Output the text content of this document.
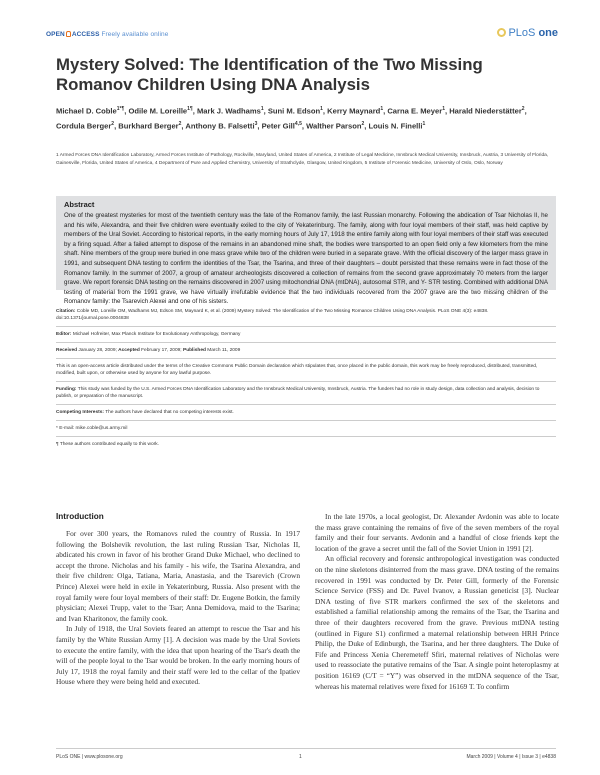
OPEN ACCESS Freely available online	PLoS one
Mystery Solved: The Identification of the Two Missing Romanov Children Using DNA Analysis
Michael D. Coble$^{1*\P}$, Odile M. Loreille$^{1\P}$, Mark J. Wadhams$^1$, Suni M. Edson$^1$, Kerry Maynard$^1$, Carna E. Meyer$^1$, Harald Niederstätter$^2$, Cordula Berger$^2$, Burkhard Berger$^2$, Anthony B. Falsetti$^3$, Peter Gill$^{4,5}$, Walther Parson$^2$, Louis N. Finelli$^1$
1 Armed Forces DNA Identification Laboratory, Armed Forces Institute of Pathology, Rockville, Maryland, United States of America, 2 Institute of Legal Medicine, Innsbruck Medical University, Innsbruck, Austria, 3 University of Florida, Gainesville, Florida, United States of America, 4 Department of Pure and Applied Chemistry, University of Strathclyde, Glasgow, United Kingdom, 5 Institute of Forensic Medicine, University of Oslo, Oslo, Norway
Abstract

One of the greatest mysteries for most of the twentieth century was the fate of the Romanov family, the last Russian monarchy. Following the abdication of Tsar Nicholas II, he and his wife, Alexandra, and their five children were eventually exiled to the city of Yekaterinburg. The family, along with four loyal members of their staff, was held captive by members of the Ural Soviet. According to historical reports, in the early morning hours of July 17, 1918 the entire family along with four loyal members of their staff was executed by a firing squad. After a failed attempt to dispose of the remains in an abandoned mine shaft, the bodies were transported to an open field only a few kilometers from the mine shaft. Nine members of the group were buried in one mass grave while two of the children were buried in a separate grave. With the official discovery of the larger mass grave in 1991, and subsequent DNA testing to confirm the identities of the Tsar, the Tsarina, and three of their daughters – doubt persisted that these remains were in fact those of the Romanov family. In the summer of 2007, a group of amateur archeologists discovered a collection of remains from the second grave approximately 70 meters from the larger grave. We report forensic DNA testing on the remains discovered in 2007 using mitochondrial DNA (mtDNA), autosomal STR, and Y- STR testing. Combined with additional DNA testing of material from the 1991 grave, we have virtually irrefutable evidence that the two individuals recovered from the 2007 grave are the two missing children of the Romanov family: the Tsarevich Alexei and one of his sisters.

Citation: Coble MD, Loreille OM, Wadhams MJ, Edson SM, Maynard K, et al. (2009) Mystery Solved: The Identification of the Two Missing Romanov Children Using DNA Analysis. PLoS ONE 4(3): e4838. doi:10.1371/journal.pone.0004838
Editor: Michael Hofreiter, Max Planck Institute for Evolutionary Anthropology, Germany
Received January 28, 2009; Accepted February 17, 2009; Published March 11, 2009
This is an open-access article distributed under the terms of the Creative Commons Public Domain declaration which stipulates that, once placed in the public domain, this work may be freely reproduced, distributed, transmitted, modified, built upon, or otherwise used by anyone for any lawful purpose.
Funding: This study was funded by the U.S. Armed Forces DNA Identification Laboratory and the Innsbruck Medical University, Innsbruck, Austria. The funders had no role in study design, data collection and analysis, decision to publish, or preparation of the manuscript.
Competing Interests: The authors have declared that no competing interests exist.
* E-mail: mike.coble@us.army.mil
¶ These authors contributed equally to this work.
Introduction

For over 300 years, the Romanovs ruled the country of Russia. In 1917 following the Bolshevik revolution, the last ruling Russian Tsar, Nicholas II, abdicated his crown in favor of his brother Grand Duke Michael, who declined to accept the throne. Nicholas and his family - his wife, the Tsarina Alexandra, and their five children: Olga, Tatiana, Maria, Anastasia, and the Tsarevich (Crown Prince) Alexei were held in exile in Yekaterinburg, Russia. Also present with the royal family were four loyal members of their staff: Dr. Eugene Botkin, the family physician; Alexei Trupp, valet to the Tsar; Anna Demidova, maid to the Tsarina; and Ivan Kharitonov, the family cook.

In July of 1918, the Ural Soviets feared an attempt to rescue the Tsar and his family by the White Russian Army [1]. A decision was made by the Ural Soviets to execute the entire family, with the idea that upon hearing of the Tsar's death the will of the people loyal to the Tsar would be broken. In the early morning hours of July 17, 1918 the royal family and their staff were led to the cellar of the Ipatiev House where they were being held and executed.

In the late 1970s, a local geologist, Dr. Alexander Avdonin was able to locate the mass grave containing the remains of five of the seven members of the royal family and their four servants. Avdonin and a handful of close friends kept the location of the grave a secret until the fall of the Soviet Union in 1991 [2].

An official recovery and forensic anthropological investigation was conducted on the nine skeletons disinterred from the mass grave. DNA testing of the remains recovered in 1991 was conducted by Dr. Peter Gill, formerly of the Forensic Science Service (FSS) and Dr. Pavel Ivanov, a Russian geneticist [3]. Nuclear DNA testing of five STR markers confirmed the sex of the skeletons and established a familial relationship among the remains of the Tsar, the Tsarina and three of their daughters recovered from the grave. Previous mtDNA testing (outlined in Figure S1) confirmed a maternal relationship between HRH Prince Philip, the Duke of Edinburgh, the Tsarina, and her three daughters. The Duke of Fife and Princess Xenia Cheremeteff Sfiri, maternal relatives of Nicholas were used to reassociate the putative remains of the Tsar. A single point heteroplasmy at position 16169 (C/T = “Y”) was observed in the mtDNA sequence of the Tsar, whereas his maternal relatives were fixed for 16169 T. To confirm

PLoS ONE | www.plosone.org	1	March 2009 | Volume 4 | Issue 3 | e4838
